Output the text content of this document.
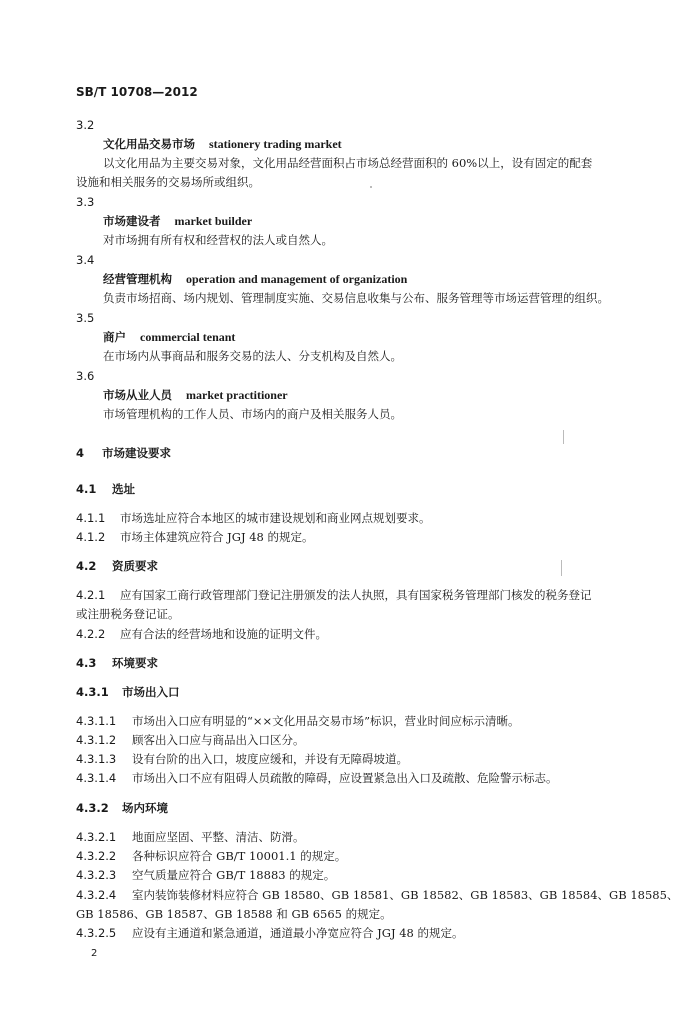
SB/T 10708—2012
3.2
文化用品交易市场 stationery trading market
以文化用品为主要交易对象，文化用品经营面积占市场总经营面积的 60%以上，设有固定的配套
设施和相关服务的交易场所或组织。
3.3
市场建设者 market builder
对市场拥有所有权和经营权的法人或自然人。
3.4
经营管理机构 operation and management of organization
负责市场招商、场内规划、管理制度实施、交易信息收集与公布、服务管理等市场运营管理的组织。
3.5
商户 commercial tenant
在市场内从事商品和服务交易的法人、分支机构及自然人。
3.6
市场从业人员 market practitioner
市场管理机构的工作人员、市场内的商户及相关服务人员。
4 市场建设要求
4.1 选址
4.1.1 市场选址应符合本地区的城市建设规划和商业网点规划要求。
4.1.2 市场主体建筑应符合 JGJ 48 的规定。
4.2 资质要求
4.2.1 应有国家工商行政管理部门登记注册颁发的法人执照，具有国家税务管理部门核发的税务登记
或注册税务登记证。
4.2.2 应有合法的经营场地和设施的证明文件。
4.3 环境要求
4.3.1 市场出入口
4.3.1.1 市场出入口应有明显的“××文化用品交易市场”标识，营业时间应标示清晰。
4.3.1.2 顾客出入口应与商品出入口区分。
4.3.1.3 设有台阶的出入口，坡度应缓和，并设有无障碍坡道。
4.3.1.4 市场出入口不应有阻碍人员疏散的障碍，应设置紧急出入口及疏散、危险警示标志。
4.3.2 场内环境
4.3.2.1 地面应坚固、平整、清洁、防滑。
4.3.2.2 各种标识应符合 GB/T 10001.1 的规定。
4.3.2.3 空气质量应符合 GB/T 18883 的规定。
4.3.2.4 室内装饰装修材料应符合 GB 18580、GB 18581、GB 18582、GB 18583、GB 18584、GB 18585、
GB 18586、GB 18587、GB 18588 和 GB 6565 的规定。
4.3.2.5 应设有主通道和紧急通道，通道最小净宽应符合 JGJ 48 的规定。
2
